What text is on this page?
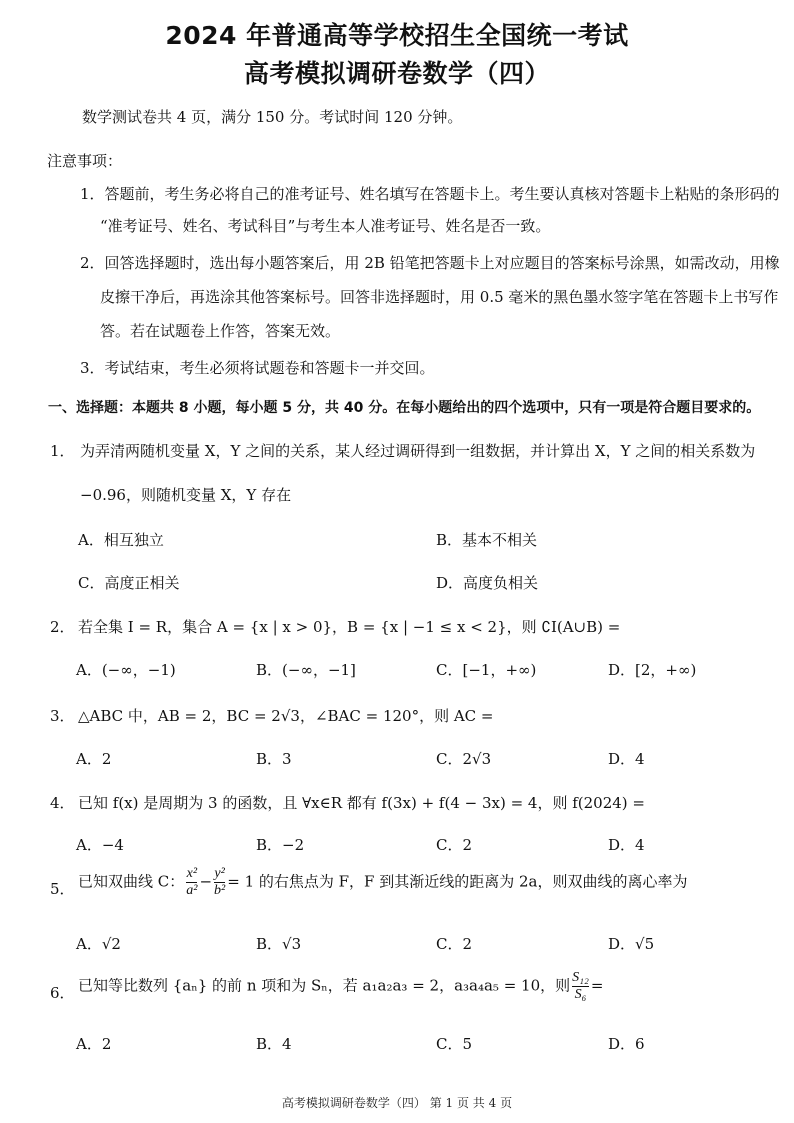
2024 年普通高等学校招生全国统一考试
高考模拟调研卷数学（四）
数学测试卷共 4 页，满分 150 分。考试时间 120 分钟。
注意事项：
1．答题前，考生务必将自己的准考证号、姓名填写在答题卡上。考生要认真核对答题卡上粘贴的条形码的
“准考证号、姓名、考试科目”与考生本人准考证号、姓名是否一致。
2．回答选择题时，选出每小题答案后，用 2B 铅笔把答题卡上对应题目的答案标号涂黑，如需改动，用橡
皮擦干净后，再选涂其他答案标号。回答非选择题时，用 0.5 毫米的黑色墨水签字笔在答题卡上书写作
答。若在试题卷上作答，答案无效。
3．考试结束，考生必须将试题卷和答题卡一并交回。
一、选择题：本题共 8 小题，每小题 5 分，共 40 分。在每小题给出的四个选项中，只有一项是符合题目要求的。
1． 为弄清两随机变量 X，Y 之间的关系，某人经过调研得到一组数据，并计算出 X，Y 之间的相关系数为
−0.96，则随机变量 X，Y 存在
A．相互独立	B．基本不相关
C．高度正相关	D．高度负相关
2． 若全集 I = R，集合 A = {x | x > 0}，B = {x | −1 ≤ x < 2}，则 ∁I(A∪B) =
A．(−∞，−1)	B．(−∞，−1]	C．[−1，+∞)	D．[2，+∞)
3． △ABC 中，AB = 2，BC = 2√3，∠BAC = 120°，则 AC =
A．2	B．3	C．2√3	D．4
4． 已知 f(x) 是周期为 3 的函数，且 ∀x∈R 都有 f(3x) + f(4 − 3x) = 4，则 f(2024) =
A．−4	B．−2	C．2	D．4
5． 已知双曲线 C： $\frac{\text{x²}}{\text{a²}} - \frac{\text{y²}}{\text{b²}} = 1$ 的右焦点为 F，F 到其渐近线的距离为 2a，则双曲线的离心率为
A．√2	B．√3	C．2	D．√5
6． 已知等比数列 {aₙ} 的前 n 项和为 Sₙ，若 a₁a₂a₃ = 2，a₃a₄a₅ = 10，则 $\frac{\text{S₁₂}}{\text{S₆}}$ =
A．2	B．4	C．5	D．6
高考模拟调研卷数学（四） 第 1 页 共 4 页
